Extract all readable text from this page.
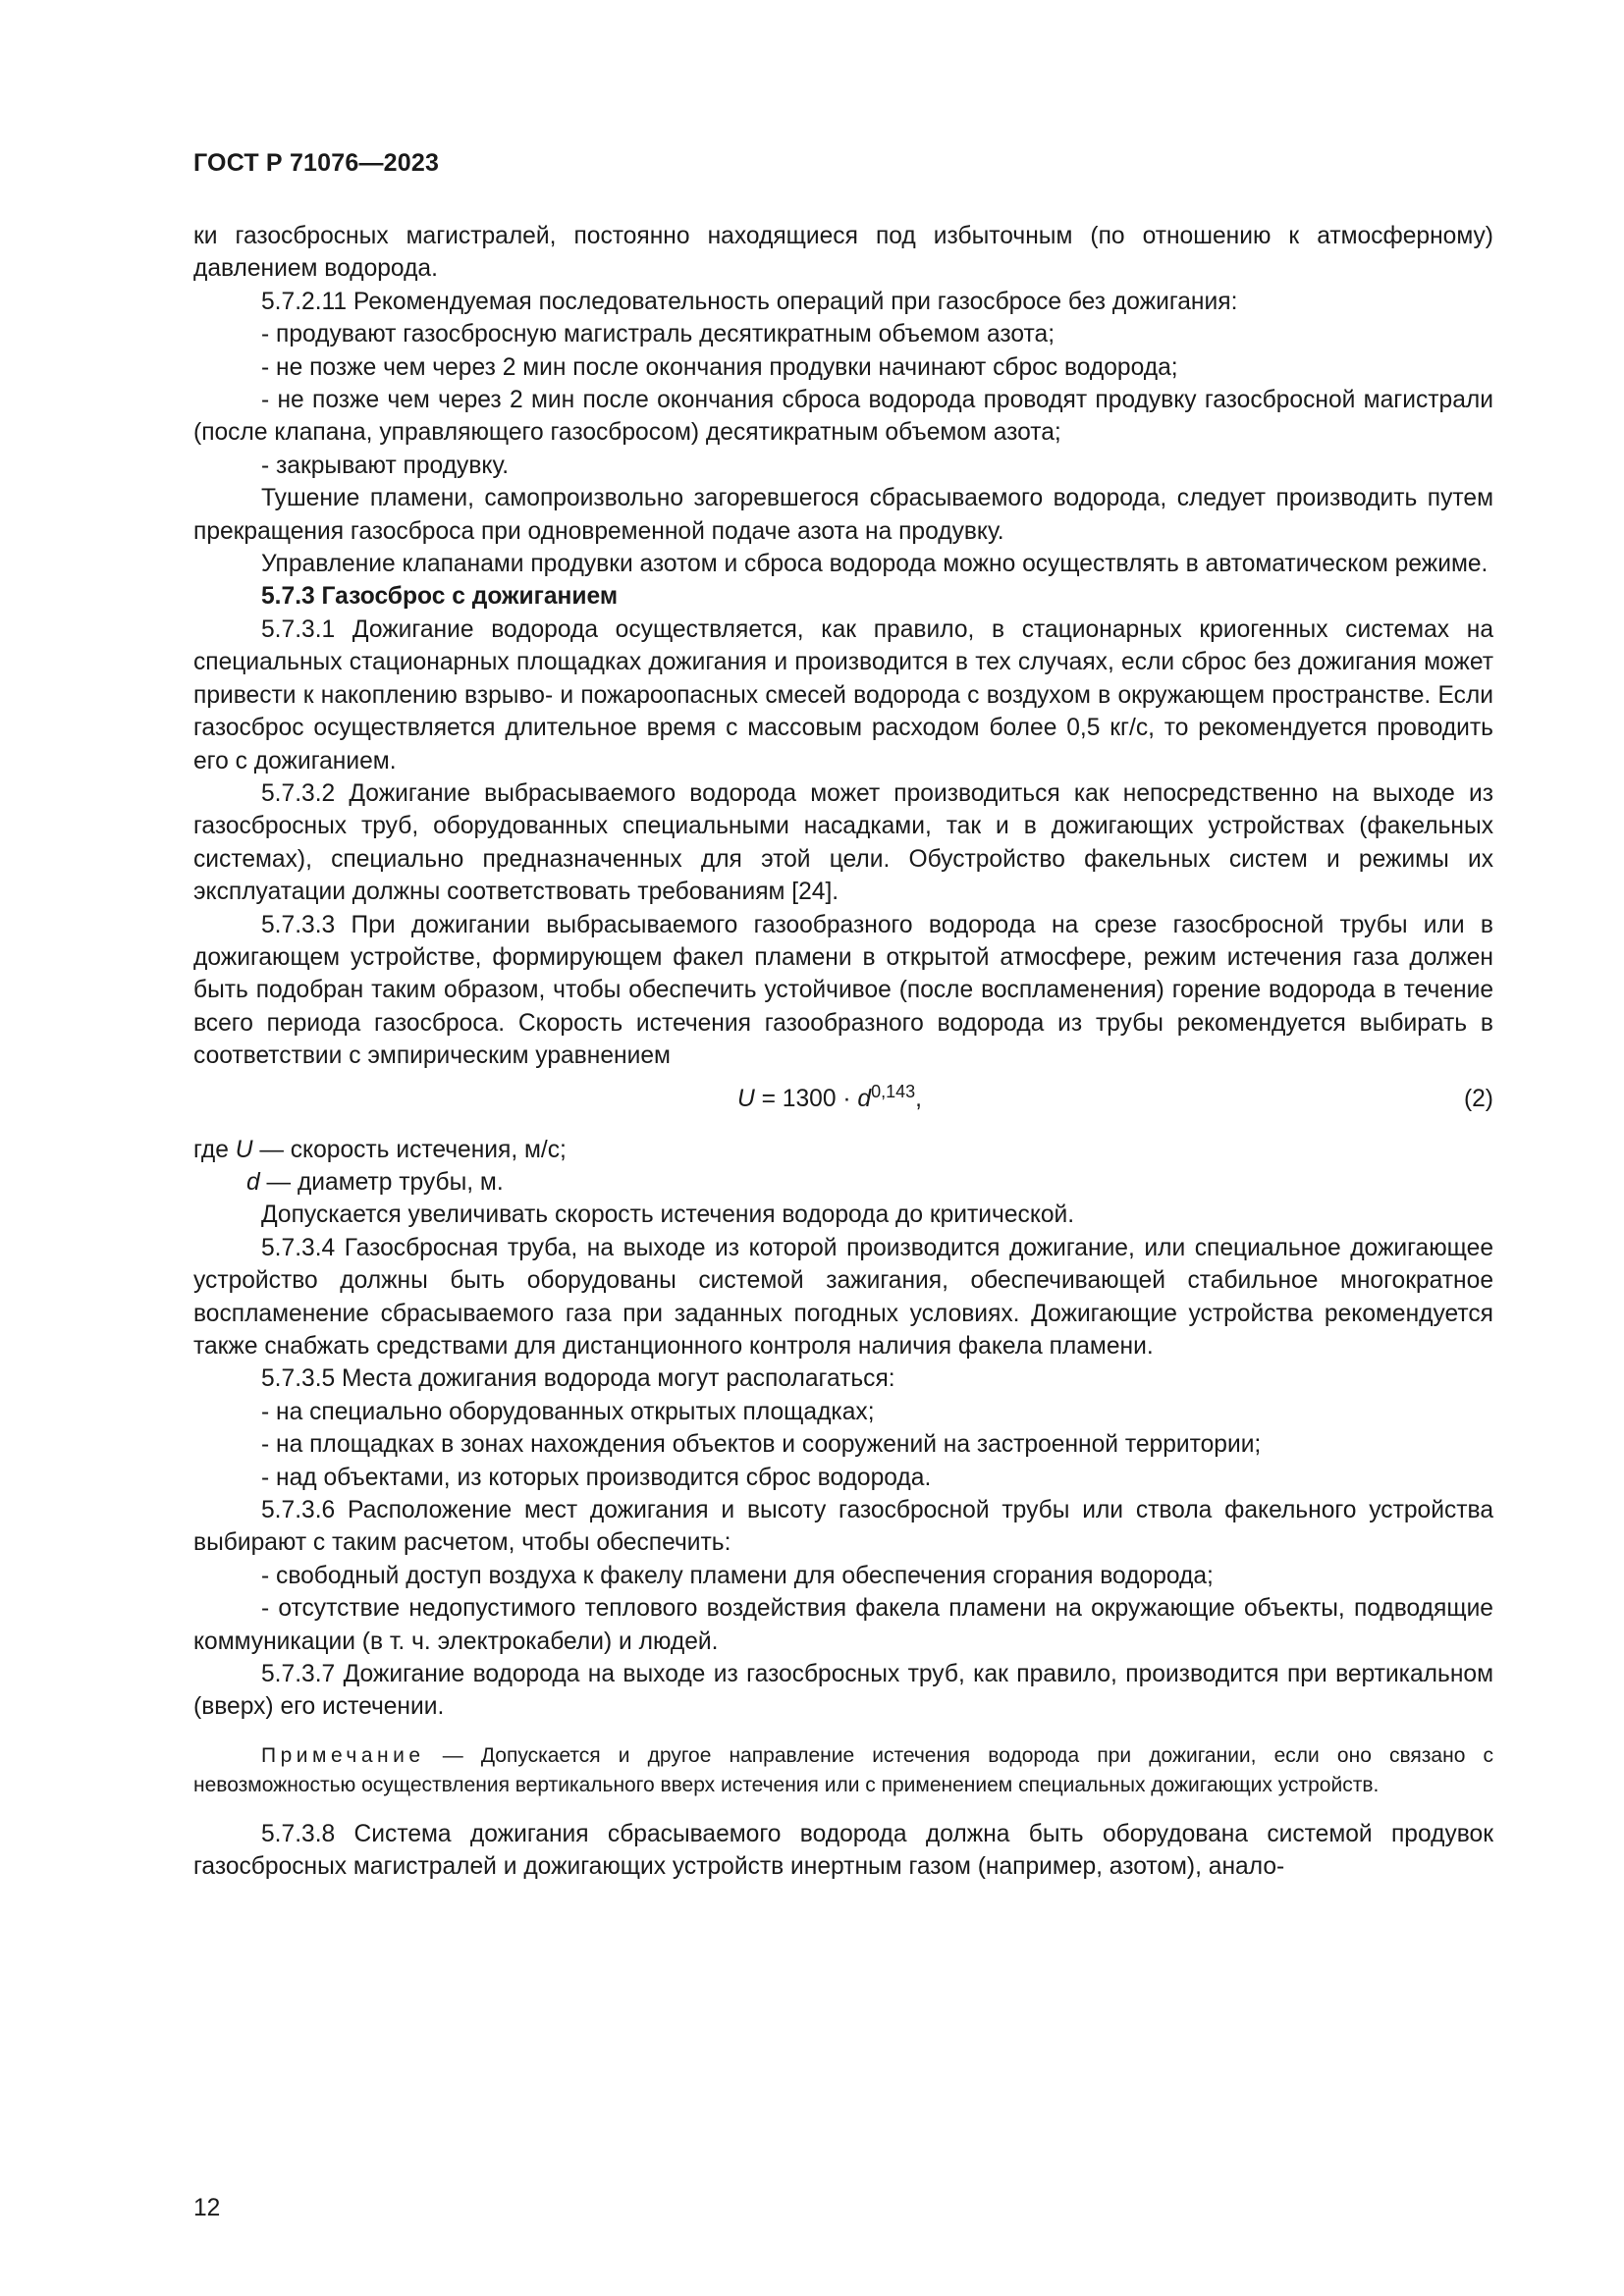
ГОСТ Р 71076—2023

ки газосбросных магистралей, постоянно находящиеся под избыточным (по отношению к атмосферному) давлением водорода.

5.7.2.11 Рекомендуемая последовательность операций при газосбросе без дожигания:

- продувают газосбросную магистраль десятикратным объемом азота;

- не позже чем через 2 мин после окончания продувки начинают сброс водорода;

- не позже чем через 2 мин после окончания сброса водорода проводят продувку газосбросной магистрали (после клапана, управляющего газосбросом) десятикратным объемом азота;

- закрывают продувку.

Тушение пламени, самопроизвольно загоревшегося сбрасываемого водорода, следует производить путем прекращения газосброса при одновременной подаче азота на продувку.

Управление клапанами продувки азотом и сброса водорода можно осуществлять в автоматическом режиме.

5.7.3 Газосброс с дожиганием

5.7.3.1 Дожигание водорода осуществляется, как правило, в стационарных криогенных системах на специальных стационарных площадках дожигания и производится в тех случаях, если сброс без дожигания может привести к накоплению взрыво- и пожароопасных смесей водорода с воздухом в окружающем пространстве. Если газосброс осуществляется длительное время с массовым расходом более 0,5 кг/с, то рекомендуется проводить его с дожиганием.

5.7.3.2 Дожигание выбрасываемого водорода может производиться как непосредственно на выходе из газосбросных труб, оборудованных специальными насадками, так и в дожигающих устройствах (факельных системах), специально предназначенных для этой цели. Обустройство факельных систем и режимы их эксплуатации должны соответствовать требованиям [24].

5.7.3.3 При дожигании выбрасываемого газообразного водорода на срезе газосбросной трубы или в дожигающем устройстве, формирующем факел пламени в открытой атмосфере, режим истечения газа должен быть подобран таким образом, чтобы обеспечить устойчивое (после воспламенения) горение водорода в течение всего периода газосброса. Скорость истечения газообразного водорода из трубы рекомендуется выбирать в соответствии с эмпирическим уравнением

$U = 1300 \cdot d^{0,143}$,	(2)

где U — скорость истечения, м/с;

d — диаметр трубы, м.

Допускается увеличивать скорость истечения водорода до критической.

5.7.3.4 Газосбросная труба, на выходе из которой производится дожигание, или специальное дожигающее устройство должны быть оборудованы системой зажигания, обеспечивающей стабильное многократное воспламенение сбрасываемого газа при заданных погодных условиях. Дожигающие устройства рекомендуется также снабжать средствами для дистанционного контроля наличия факела пламени.

5.7.3.5 Места дожигания водорода могут располагаться:

- на специально оборудованных открытых площадках;

- на площадках в зонах нахождения объектов и сооружений на застроенной территории;

- над объектами, из которых производится сброс водорода.

5.7.3.6 Расположение мест дожигания и высоту газосбросной трубы или ствола факельного устройства выбирают с таким расчетом, чтобы обеспечить:

- свободный доступ воздуха к факелу пламени для обеспечения сгорания водорода;

- отсутствие недопустимого теплового воздействия факела пламени на окружающие объекты, подводящие коммуникации (в т. ч. электрокабели) и людей.

5.7.3.7 Дожигание водорода на выходе из газосбросных труб, как правило, производится при вертикальном (вверх) его истечении.

Примечание — Допускается и другое направление истечения водорода при дожигании, если оно связано с невозможностью осуществления вертикального вверх истечения или с применением специальных дожигающих устройств.

5.7.3.8 Система дожигания сбрасываемого водорода должна быть оборудована системой продувок газосбросных магистралей и дожигающих устройств инертным газом (например, азотом), анало-

12
